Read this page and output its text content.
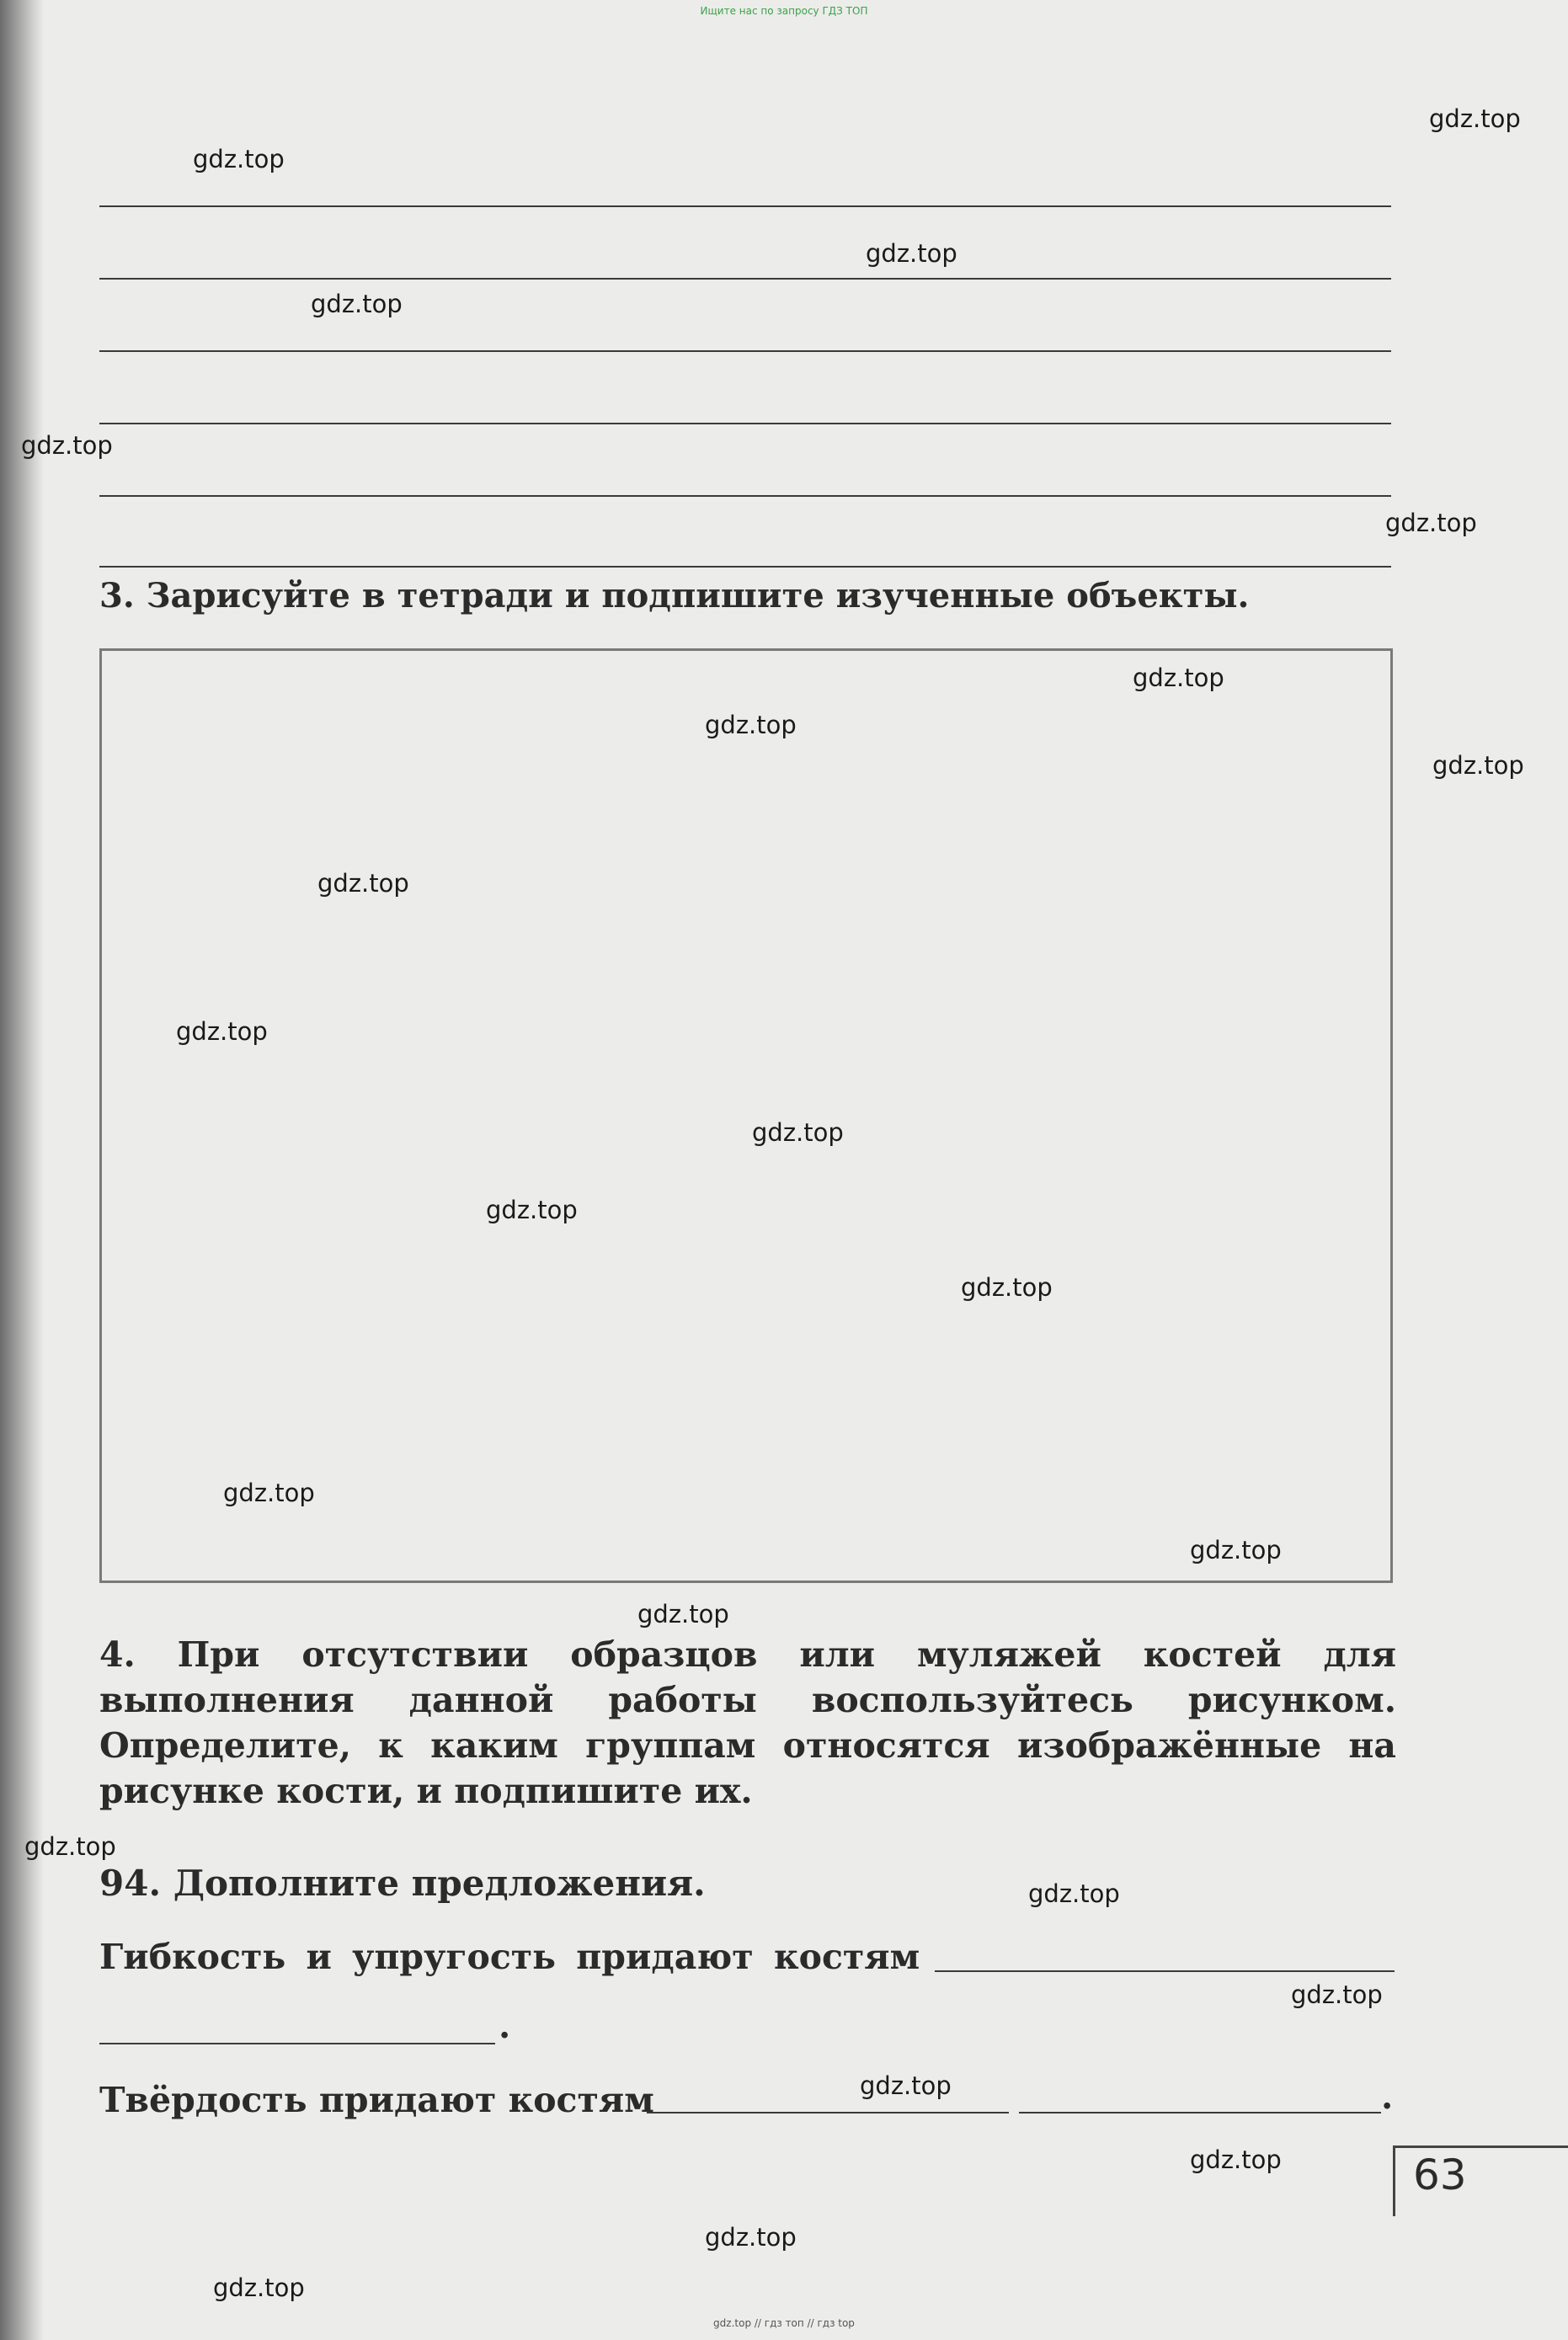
Ищите нас по запросу ГДЗ ТОП
3. Зарисуйте в тетради и подпишите изученные объекты.
4. При отсутствии образцов или муляжей костей для выполнения данной работы воспользуйтесь рисунком. Определите, к каким группам относятся изображённые на рисунке кости, и подпишите их.
94. Дополните предложения.
Гибкость и упругость придают костям
.
Твёрдость придают костям	.
63
gdz.top
gdz.top
gdz.top
gdz.top
gdz.top
gdz.top
gdz.top
gdz.top
gdz.top
gdz.top
gdz.top
gdz.top
gdz.top
gdz.top
gdz.top
gdz.top
gdz.top
gdz.top
gdz.top
gdz.top
gdz.top
gdz.top
gdz.top
gdz.top
gdz.top // гдз топ // гдз top
